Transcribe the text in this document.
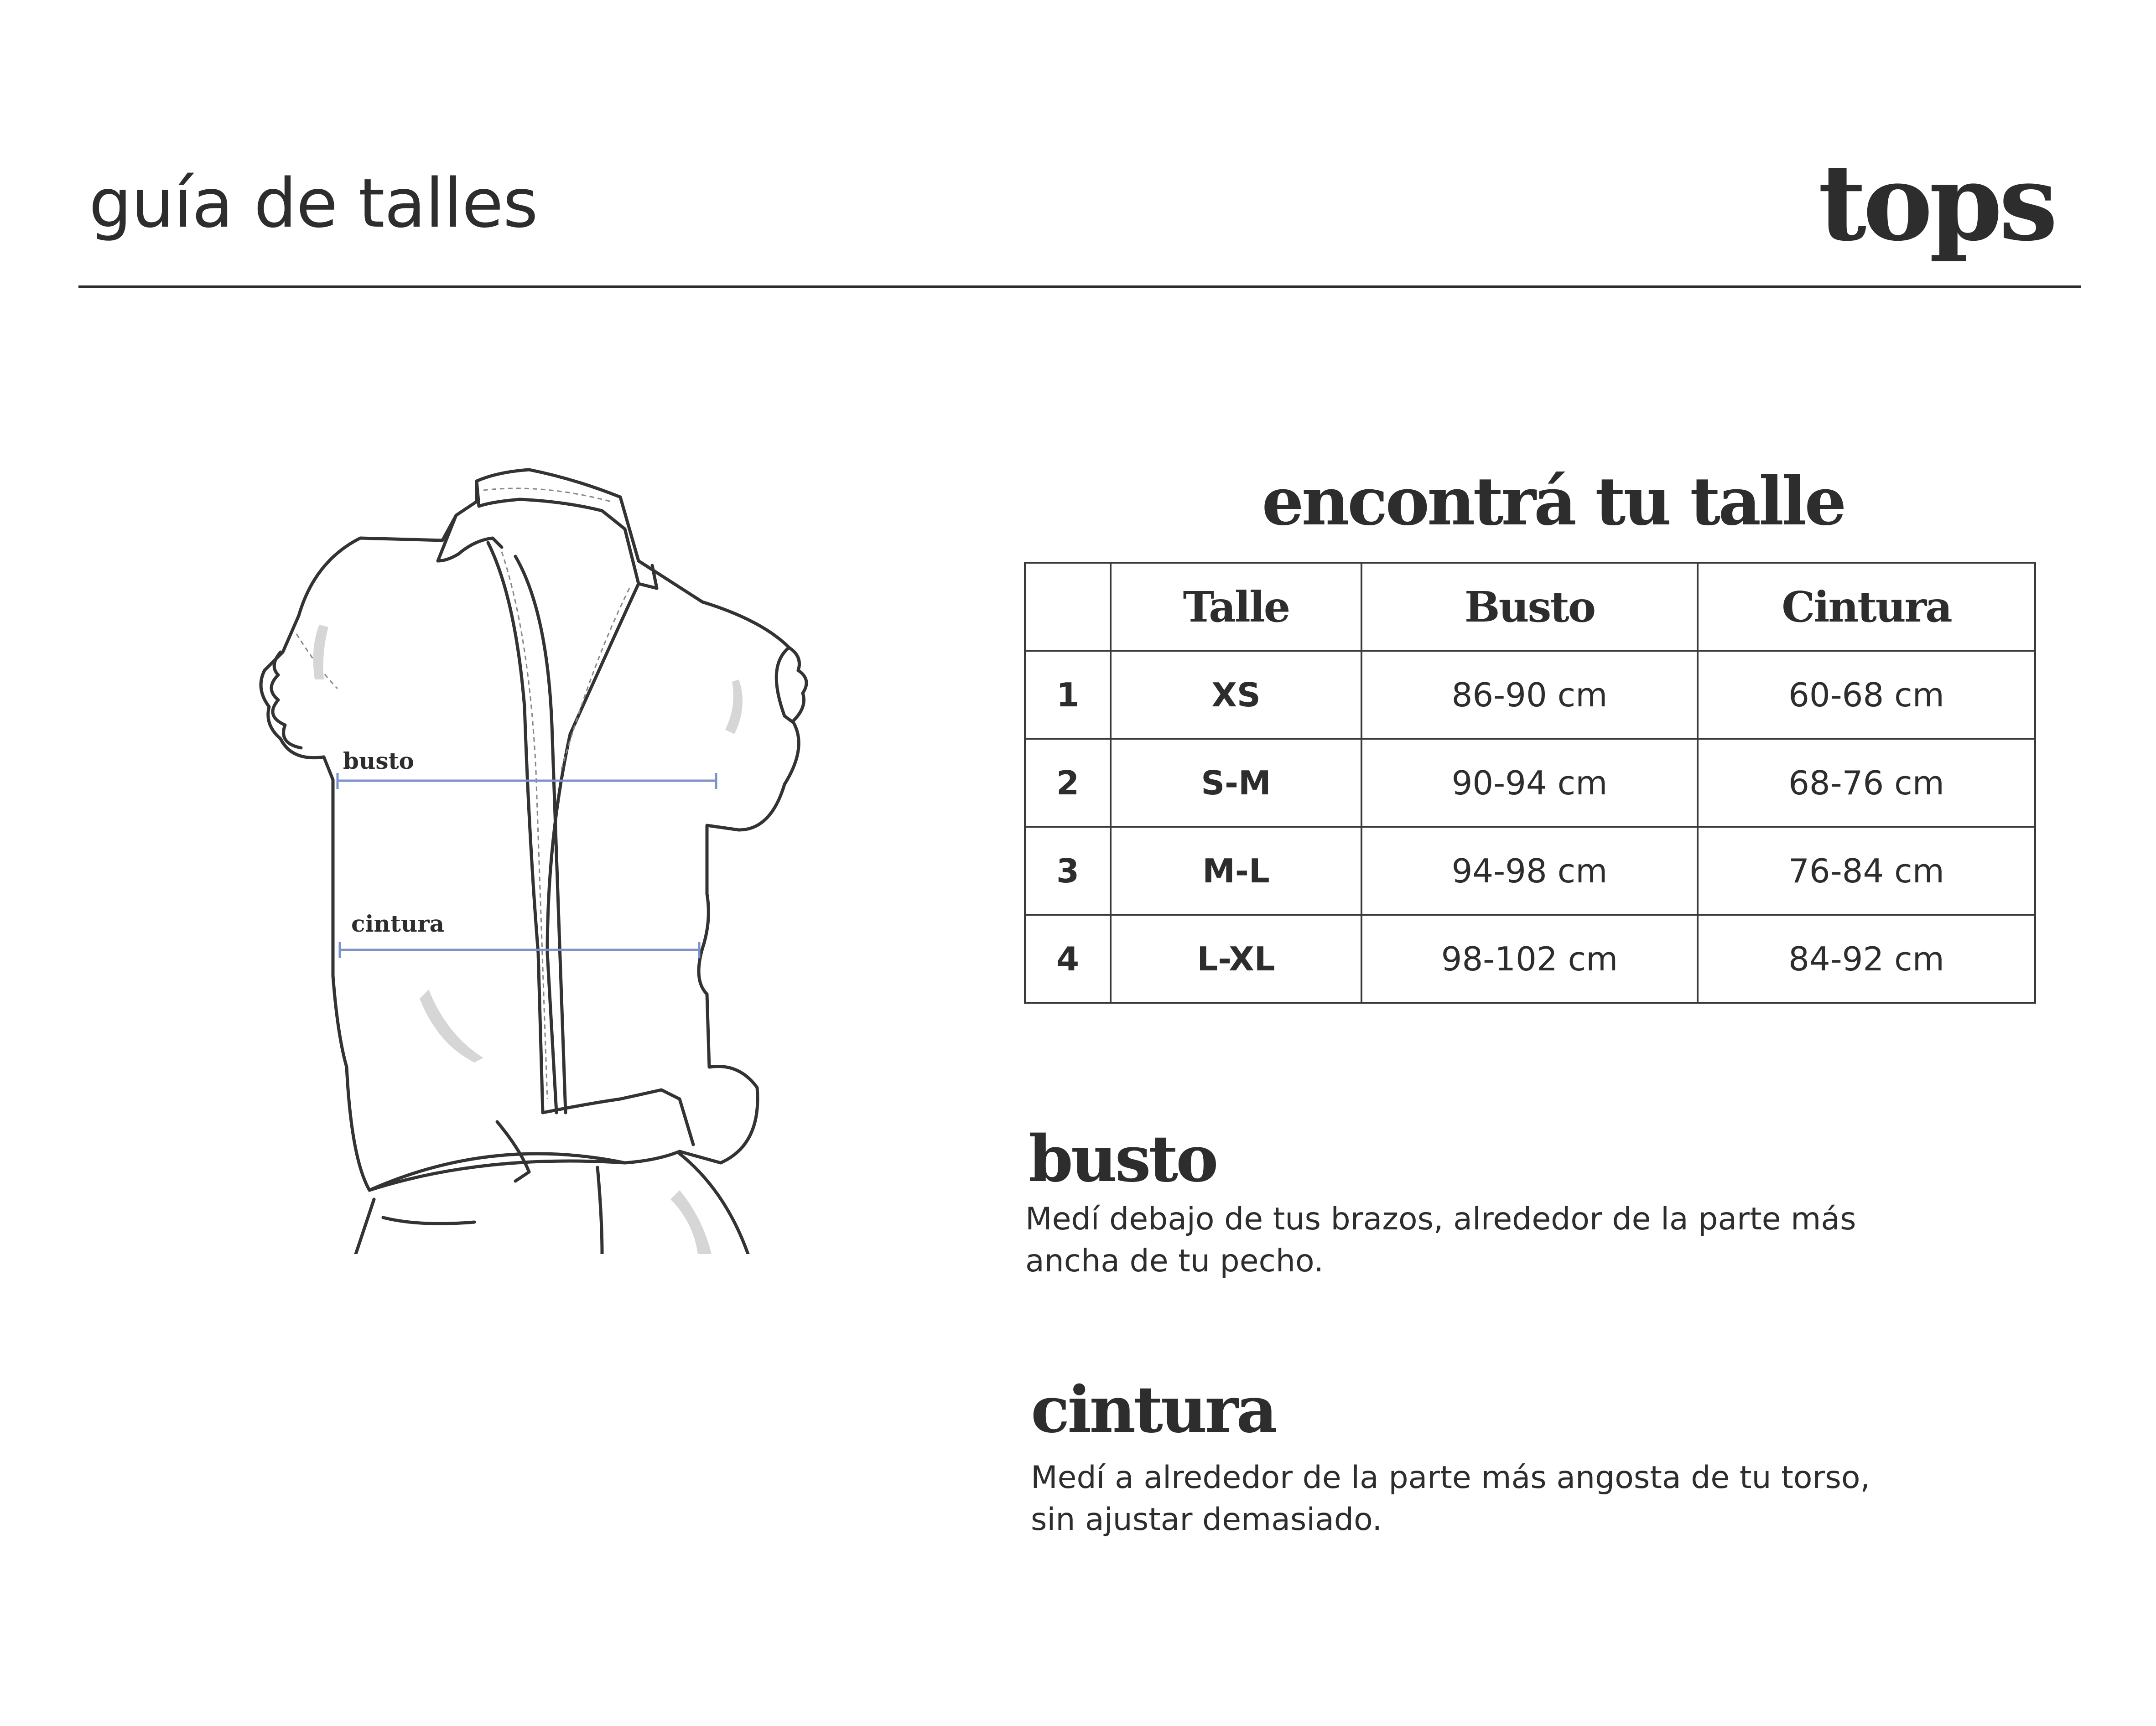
guía de talles	tops
busto
cintura
encontrá tu talle
	Talle	Busto	Cintura
1	XS	86-90 cm	60-68 cm
2	S-M	90-94 cm	68-76 cm
3	M-L	94-98 cm	76-84 cm
4	L-XL	98-102 cm	84-92 cm
busto
Medí debajo de tus brazos, alrededor de la parte más
ancha de tu pecho.
cintura
Medí a alrededor de la parte más angosta de tu torso,
sin ajustar demasiado.
